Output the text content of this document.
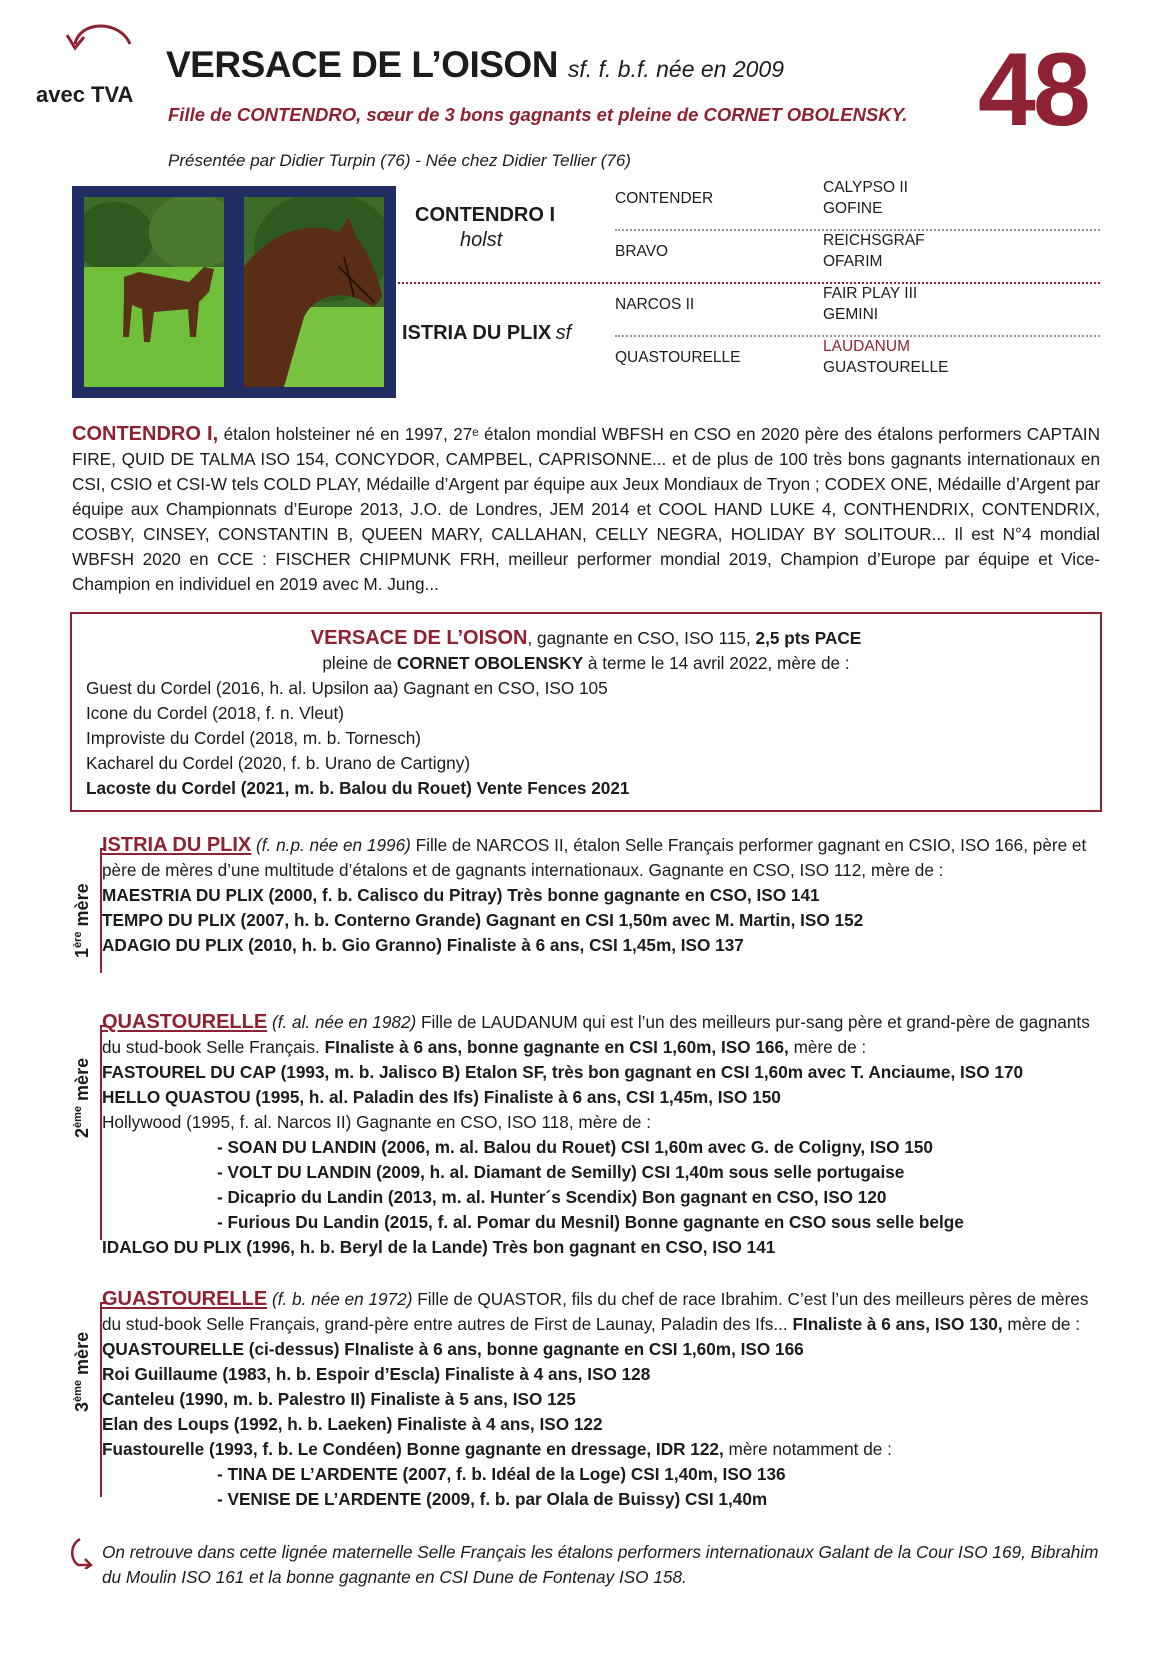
avec TVA
VERSACE DE L’OISON sf. f. b.f. née en 2009
Fille de CONTENDRO, sœur de 3 bons gagnants et pleine de CORNET OBOLENSKY. 48
Présentée par Didier Turpin (76) - Née chez Didier Tellier (76)
CONTENDRO I
holst
ISTRIA DU PLIX sf
CONTENDER
BRAVO
NARCOS II
QUASTOURELLE
CALYPSO II
GOFINE
REICHSGRAF
OFARIM
FAIR PLAY III
GEMINI
LAUDANUM
GUASTOURELLE
CONTENDRO I, étalon holsteiner né en 1997, 27ᵉ étalon mondial WBFSH en CSO en 2020 père des étalons performers CAPTAIN FIRE, QUID DE TALMA ISO 154, CONCYDOR, CAMPBEL, CAPRISONNE... et de plus de 100 très bons gagnants internationaux en CSI, CSIO et CSI-W tels COLD PLAY, Médaille d’Argent par équipe aux Jeux Mondiaux de Tryon ; CODEX ONE, Médaille d’Argent par équipe aux Championnats d’Europe 2013, J.O. de Londres, JEM 2014 et COOL HAND LUKE 4, CONTHENDRIX, CONTENDRIX, COSBY, CINSEY, CONSTANTIN B, QUEEN MARY, CALLAHAN, CELLY NEGRA, HOLIDAY BY SOLITOUR... Il est N°4 mondial WBFSH 2020 en CCE : FISCHER CHIPMUNK FRH, meilleur performer mondial 2019, Champion d’Europe par équipe et Vice-Champion en individuel en 2019 avec M. Jung...
VERSACE DE L’OISON, gagnante en CSO, ISO 115, 2,5 pts PACE
pleine de CORNET OBOLENSKY à terme le 14 avril 2022, mère de :
Guest du Cordel (2016, h. al. Upsilon aa) Gagnant en CSO, ISO 105
Icone du Cordel (2018, f. n. Vleut)
Improviste du Cordel (2018, m. b. Tornesch)
Kacharel du Cordel (2020, f. b. Urano de Cartigny)
Lacoste du Cordel (2021, m. b. Balou du Rouet) Vente Fences 2021
1ère mère
ISTRIA DU PLIX (f. n.p. née en 1996) Fille de NARCOS II, étalon Selle Français performer gagnant en CSIO, ISO 166, père et père de mères d’une multitude d’étalons et de gagnants internationaux. Gagnante en CSO, ISO 112, mère de :
MAESTRIA DU PLIX (2000, f. b. Calisco du Pitray) Très bonne gagnante en CSO, ISO 141
TEMPO DU PLIX (2007, h. b. Conterno Grande) Gagnant en CSI 1,50m avec M. Martin, ISO 152
ADAGIO DU PLIX (2010, h. b. Gio Granno) Finaliste à 6 ans, CSI 1,45m, ISO 137
2ème mère
QUASTOURELLE (f. al. née en 1982) Fille de LAUDANUM qui est l’un des meilleurs pur-sang père et grand-père de gagnants du stud-book Selle Français. FInaliste à 6 ans, bonne gagnante en CSI 1,60m, ISO 166, mère de :
FASTOUREL DU CAP (1993, m. b. Jalisco B) Etalon SF, très bon gagnant en CSI 1,60m avec T. Anciaume, ISO 170
HELLO QUASTOU (1995, h. al. Paladin des Ifs) Finaliste à 6 ans, CSI 1,45m, ISO 150
Hollywood (1995, f. al. Narcos II) Gagnante en CSO, ISO 118, mère de :
- SOAN DU LANDIN (2006, m. al. Balou du Rouet) CSI 1,60m avec G. de Coligny, ISO 150
- VOLT DU LANDIN (2009, h. al. Diamant de Semilly) CSI 1,40m sous selle portugaise
- Dicaprio du Landin (2013, m. al. Hunter´s Scendix) Bon gagnant en CSO, ISO 120
- Furious Du Landin (2015, f. al. Pomar du Mesnil) Bonne gagnante en CSO sous selle belge
IDALGO DU PLIX (1996, h. b. Beryl de la Lande) Très bon gagnant en CSO, ISO 141
3ème mère
GUASTOURELLE (f. b. née en 1972) Fille de QUASTOR, fils du chef de race Ibrahim. C’est l’un des meilleurs pères de mères du stud-book Selle Français, grand-père entre autres de First de Launay, Paladin des Ifs... FInaliste à 6 ans, ISO 130, mère de :
QUASTOURELLE (ci-dessus) FInaliste à 6 ans, bonne gagnante en CSI 1,60m, ISO 166
Roi Guillaume (1983, h. b. Espoir d’Escla) Finaliste à 4 ans, ISO 128
Canteleu (1990, m. b. Palestro II) Finaliste à 5 ans, ISO 125
Elan des Loups (1992, h. b. Laeken) Finaliste à 4 ans, ISO 122
Fuastourelle (1993, f. b. Le Condéen) Bonne gagnante en dressage, IDR 122, mère notamment de :
- TINA DE L’ARDENTE (2007, f. b. Idéal de la Loge) CSI 1,40m, ISO 136
- VENISE DE L’ARDENTE (2009, f. b. par Olala de Buissy) CSI 1,40m
On retrouve dans cette lignée maternelle Selle Français les étalons performers internationaux Galant de la Cour ISO 169, Bibrahim du Moulin ISO 161 et la bonne gagnante en CSI Dune de Fontenay ISO 158.
